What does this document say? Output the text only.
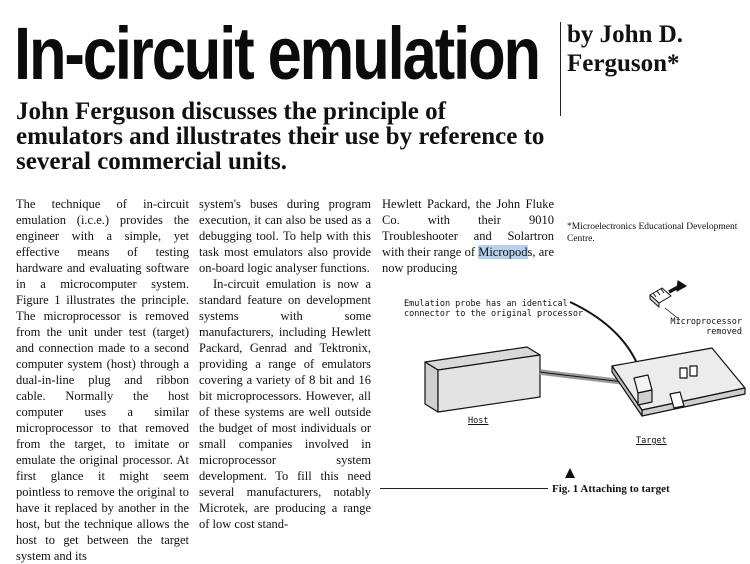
In-circuit emulation by John D. Ferguson*
John Ferguson discusses the principle of emulators and illustrates their use by reference to several commercial units.

The technique of in-circuit emulation (i.c.e.) provides the engineer with a simple, yet effective means of testing hardware and evaluating software in a microcomputer system. Figure 1 illustrates the principle. The microprocessor is removed from the unit under test (target) and connection made to a second computer system (host) through a dual-in-line plug and ribbon cable. Normally the host computer uses a similar microprocessor to that removed from the target, to imitate or emulate the original processor. At first glance it might seem pointless to remove the original to have it replaced by another in the host, but the technique allows the host to get between the target system and its

system's buses during program execution, it can also be used as a debugging tool. To help with this task most emulators also provide on-board logic analyser functions.

In-circuit emulation is now a standard feature on development systems with some manufacturers, including Hewlett Packard, Genrad and Tektronix, providing a range of emulators covering a variety of 8 bit and 16 bit microprocessors. However, all of these systems are well outside the budget of most individuals or small companies involved in microprocessor system development. To fill this need several manufacturers, notably Microtek, are producing a range of low cost stand-

Hewlett Packard, the John Fluke Co. with their 9010 Troubleshooter and Solartron with their range of Micropods, are now producing

*Microelectronics Educational Development Centre.
Emulation probe has an identical connector to the original processor
Microprocessor removed
Host
Target
Fig. 1 Attaching to target
